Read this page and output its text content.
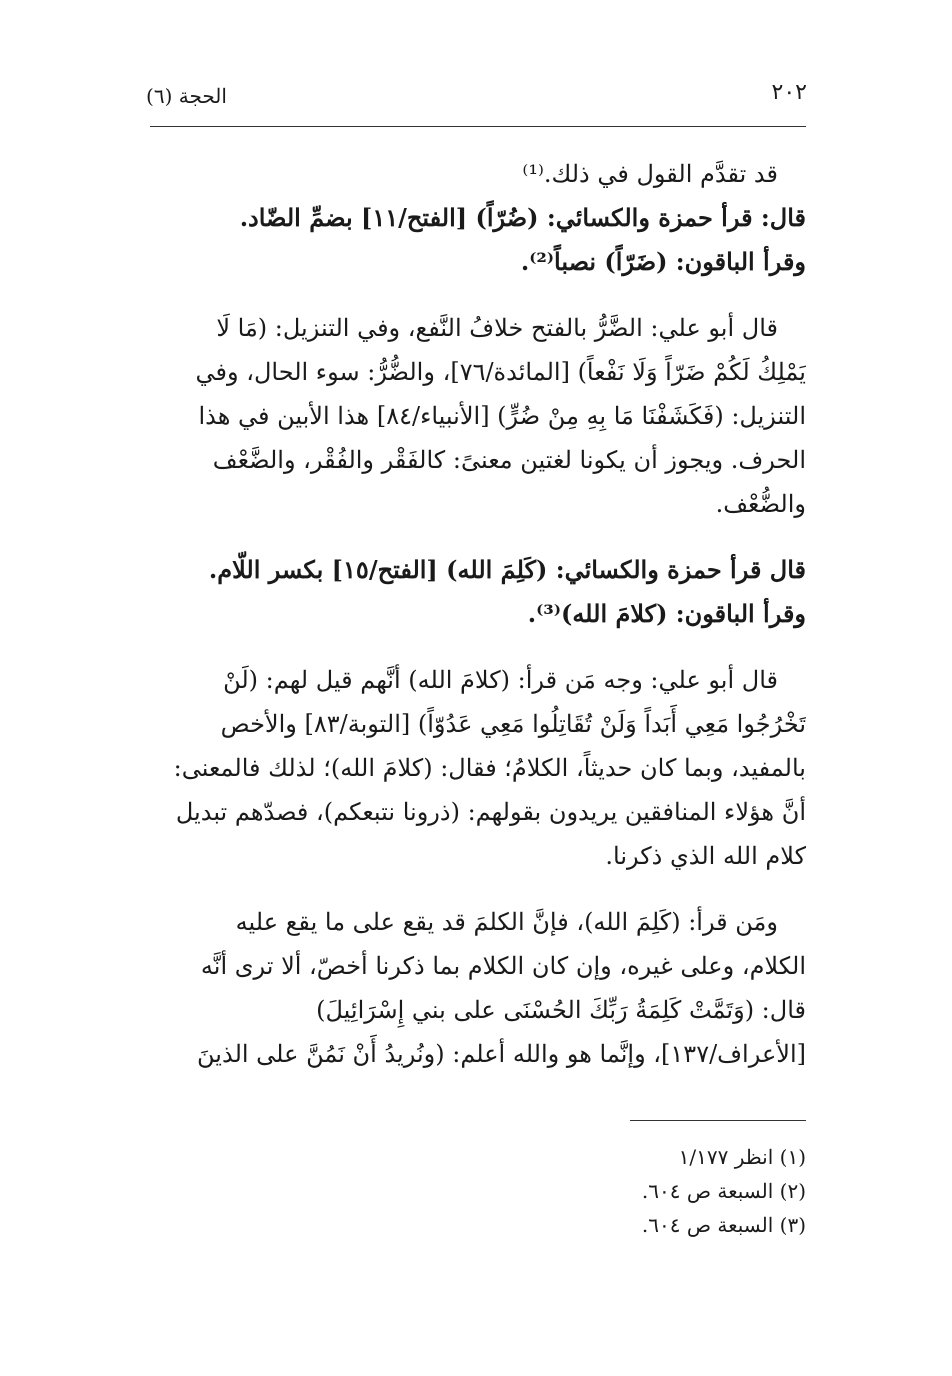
٢٠٢
الحجة (٦)
قد تقدَّم القول في ذلك.⁽¹⁾
قال: قرأ حمزة والكسائي: (ضُرّاً) [الفتح/١١] بضمِّ الضّاد.
وقرأ الباقون: (ضَرّاً) نصباً⁽²⁾.
قال أبو علي: الضَّرُّ بالفتح خلافُ النَّفع، وفي التنزيل: (مَا لَا
يَمْلِكُ لَكُمْ ضَرّاً وَلَا نَفْعاً) [المائدة/٧٦]، والضُّرُّ: سوء الحال، وفي
التنزيل: (فَكَشَفْنَا مَا بِهِ مِنْ ضُرٍّ) [الأنبياء/٨٤] هذا الأبين في هذا
الحرف. ويجوز أن يكونا لغتين معنىً: كالفَقْر والفُقْر، والضَّعْف
والضُّعْف.
قال قرأ حمزة والكسائي: (كَلِمَ الله) [الفتح/١٥] بكسر اللّام.
وقرأ الباقون: (كلامَ الله)⁽³⁾.
قال أبو علي: وجه مَن قرأ: (كلامَ الله) أنَّهم قيل لهم: (لَنْ
تَخْرُجُوا مَعِي أَبَداً وَلَنْ تُقَاتِلُوا مَعِي عَدُوّاً) [التوبة/٨٣] والأخص
بالمفيد، وبما كان حديثاً، الكلامُ؛ فقال: (كلامَ الله)؛ لذلك فالمعنى:
أنَّ هؤلاء المنافقين يريدون بقولهم: (ذرونا نتبعكم)، فصدّهم تبديل
كلام الله الذي ذكرنا.
ومَن قرأ: (كَلِمَ الله)، فإنَّ الكلمَ قد يقع على ما يقع عليه
الكلام، وعلى غيره، وإن كان الكلام بما ذكرنا أخصّ، ألا ترى أنَّه
قال: (وَتَمَّتْ كَلِمَةُ رَبِّكَ الحُسْنَى على بني إِسْرَائِيلَ)
[الأعراف/١٣٧]، وإنَّما هو والله أعلم: (ونُريدُ أَنْ نَمُنَّ على الذينَ
(١) انظر ١/١٧٧
(٢) السبعة ص ٦٠٤.
(٣) السبعة ص ٦٠٤.
